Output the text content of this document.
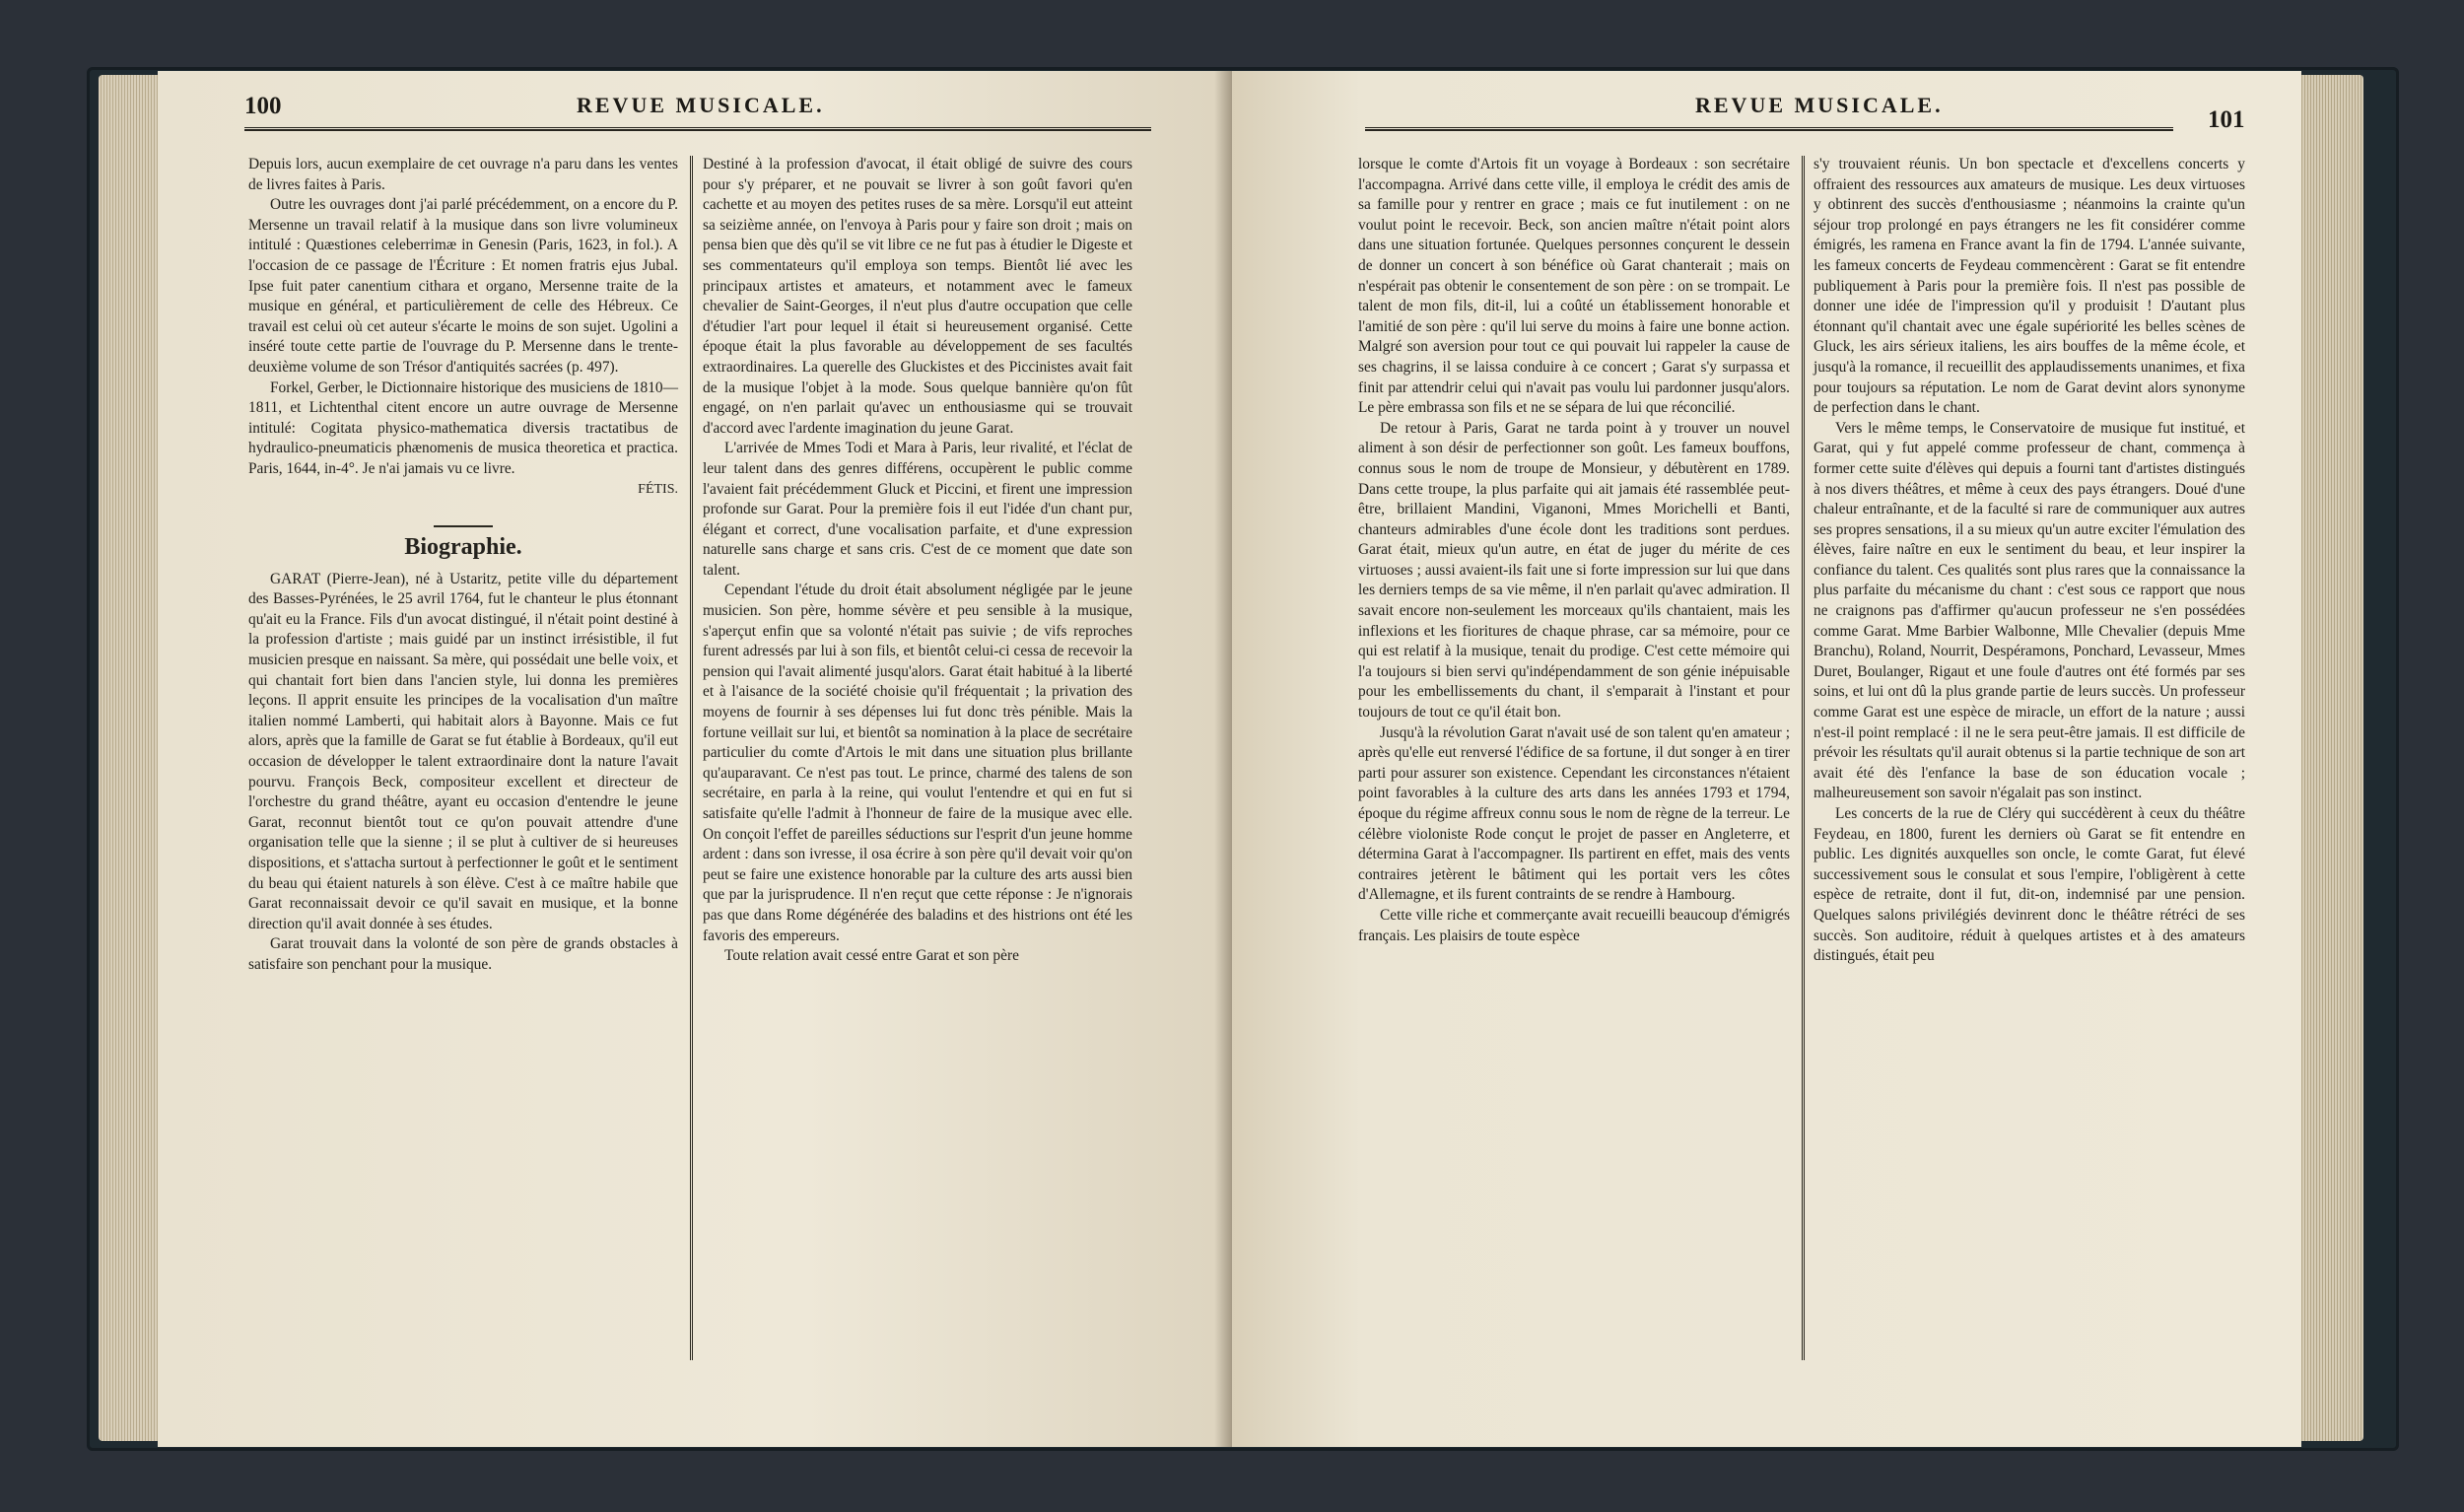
100	REVUE MUSICALE.

Depuis lors, aucun exemplaire de cet ouvrage n'a paru dans les ventes de livres faites à Paris.

Outre les ouvrages dont j'ai parlé précédemment, on a encore du P. Mersenne un travail relatif à la musique dans son livre volumineux intitulé : Quæstiones celeberrimæ in Genesin (Paris, 1623, in fol.). A l'occasion de ce passage de l'Écriture : Et nomen fratris ejus Jubal. Ipse fuit pater canentium cithara et organo, Mersenne traite de la musique en général, et particulièrement de celle des Hébreux. Ce travail est celui où cet auteur s'écarte le moins de son sujet. Ugolini a inséré toute cette partie de l'ouvrage du P. Mersenne dans le trente-deuxième volume de son Trésor d'antiquités sacrées (p. 497).

Forkel, Gerber, le Dictionnaire historique des musiciens de 1810—1811, et Lichtenthal citent encore un autre ouvrage de Mersenne intitulé: Cogitata physico-mathematica diversis tractatibus de hydraulico-pneumaticis phænomenis de musica theoretica et practica. Paris, 1644, in-4°. Je n'ai jamais vu ce livre.

FÉTIS.

Biographie.

GARAT (Pierre-Jean), né à Ustaritz, petite ville du département des Basses-Pyrénées, le 25 avril 1764, fut le chanteur le plus étonnant qu'ait eu la France. Fils d'un avocat distingué, il n'était point destiné à la profession d'artiste ; mais guidé par un instinct irrésistible, il fut musicien presque en naissant. Sa mère, qui possédait une belle voix, et qui chantait fort bien dans l'ancien style, lui donna les premières leçons. Il apprit ensuite les principes de la vocalisation d'un maître italien nommé Lamberti, qui habitait alors à Bayonne. Mais ce fut alors, après que la famille de Garat se fut établie à Bordeaux, qu'il eut occasion de développer le talent extraordinaire dont la nature l'avait pourvu. François Beck, compositeur excellent et directeur de l'orchestre du grand théâtre, ayant eu occasion d'entendre le jeune Garat, reconnut bientôt tout ce qu'on pouvait attendre d'une organisation telle que la sienne ; il se plut à cultiver de si heureuses dispositions, et s'attacha surtout à perfectionner le goût et le sentiment du beau qui étaient naturels à son élève. C'est à ce maître habile que Garat reconnaissait devoir ce qu'il savait en musique, et la bonne direction qu'il avait donnée à ses études.

Garat trouvait dans la volonté de son père de grands obstacles à satisfaire son penchant pour la musique.

Destiné à la profession d'avocat, il était obligé de suivre des cours pour s'y préparer, et ne pouvait se livrer à son goût favori qu'en cachette et au moyen des petites ruses de sa mère. Lorsqu'il eut atteint sa seizième année, on l'envoya à Paris pour y faire son droit ; mais on pensa bien que dès qu'il se vit libre ce ne fut pas à étudier le Digeste et ses commentateurs qu'il employa son temps. Bientôt lié avec les principaux artistes et amateurs, et notamment avec le fameux chevalier de Saint-Georges, il n'eut plus d'autre occupation que celle d'étudier l'art pour lequel il était si heureusement organisé. Cette époque était la plus favorable au développement de ses facultés extraordinaires. La querelle des Gluckistes et des Piccinistes avait fait de la musique l'objet à la mode. Sous quelque bannière qu'on fût engagé, on n'en parlait qu'avec un enthousiasme qui se trouvait d'accord avec l'ardente imagination du jeune Garat.

L'arrivée de Mmes Todi et Mara à Paris, leur rivalité, et l'éclat de leur talent dans des genres différens, occupèrent le public comme l'avaient fait précédemment Gluck et Piccini, et firent une impression profonde sur Garat. Pour la première fois il eut l'idée d'un chant pur, élégant et correct, d'une vocalisation parfaite, et d'une expression naturelle sans charge et sans cris. C'est de ce moment que date son talent.

Cependant l'étude du droit était absolument négligée par le jeune musicien. Son père, homme sévère et peu sensible à la musique, s'aperçut enfin que sa volonté n'était pas suivie ; de vifs reproches furent adressés par lui à son fils, et bientôt celui-ci cessa de recevoir la pension qui l'avait alimenté jusqu'alors. Garat était habitué à la liberté et à l'aisance de la société choisie qu'il fréquentait ; la privation des moyens de fournir à ses dépenses lui fut donc très pénible. Mais la fortune veillait sur lui, et bientôt sa nomination à la place de secrétaire particulier du comte d'Artois le mit dans une situation plus brillante qu'auparavant. Ce n'est pas tout. Le prince, charmé des talens de son secrétaire, en parla à la reine, qui voulut l'entendre et qui en fut si satisfaite qu'elle l'admit à l'honneur de faire de la musique avec elle. On conçoit l'effet de pareilles séductions sur l'esprit d'un jeune homme ardent : dans son ivresse, il osa écrire à son père qu'il devait voir qu'on peut se faire une existence honorable par la culture des arts aussi bien que par la jurisprudence. Il n'en reçut que cette réponse : Je n'ignorais pas que dans Rome dégénérée des baladins et des histrions ont été les favoris des empereurs.

Toute relation avait cessé entre Garat et son père

REVUE MUSICALE.
101

lorsque le comte d'Artois fit un voyage à Bordeaux : son secrétaire l'accompagna. Arrivé dans cette ville, il employa le crédit des amis de sa famille pour y rentrer en grace ; mais ce fut inutilement : on ne voulut point le recevoir. Beck, son ancien maître n'était point alors dans une situation fortunée. Quelques personnes conçurent le dessein de donner un concert à son bénéfice où Garat chanterait ; mais on n'espérait pas obtenir le consentement de son père : on se trompait. Le talent de mon fils, dit-il, lui a coûté un établissement honorable et l'amitié de son père : qu'il lui serve du moins à faire une bonne action. Malgré son aversion pour tout ce qui pouvait lui rappeler la cause de ses chagrins, il se laissa conduire à ce concert ; Garat s'y surpassa et finit par attendrir celui qui n'avait pas voulu lui pardonner jusqu'alors. Le père embrassa son fils et ne se sépara de lui que réconcilié.

De retour à Paris, Garat ne tarda point à y trouver un nouvel aliment à son désir de perfectionner son goût. Les fameux bouffons, connus sous le nom de troupe de Monsieur, y débutèrent en 1789. Dans cette troupe, la plus parfaite qui ait jamais été rassemblée peut-être, brillaient Mandini, Viganoni, Mmes Morichelli et Banti, chanteurs admirables d'une école dont les traditions sont perdues. Garat était, mieux qu'un autre, en état de juger du mérite de ces virtuoses ; aussi avaient-ils fait une si forte impression sur lui que dans les derniers temps de sa vie même, il n'en parlait qu'avec admiration. Il savait encore non-seulement les morceaux qu'ils chantaient, mais les inflexions et les fioritures de chaque phrase, car sa mémoire, pour ce qui est relatif à la musique, tenait du prodige. C'est cette mémoire qui l'a toujours si bien servi qu'indépendamment de son génie inépuisable pour les embellissements du chant, il s'emparait à l'instant et pour toujours de tout ce qu'il était bon.

Jusqu'à la révolution Garat n'avait usé de son talent qu'en amateur ; après qu'elle eut renversé l'édifice de sa fortune, il dut songer à en tirer parti pour assurer son existence. Cependant les circonstances n'étaient point favorables à la culture des arts dans les années 1793 et 1794, époque du régime affreux connu sous le nom de règne de la terreur. Le célèbre violoniste Rode conçut le projet de passer en Angleterre, et détermina Garat à l'accompagner. Ils partirent en effet, mais des vents contraires jetèrent le bâtiment qui les portait vers les côtes d'Allemagne, et ils furent contraints de se rendre à Hambourg.

Cette ville riche et commerçante avait recueilli beaucoup d'émigrés français. Les plaisirs de toute espèce

s'y trouvaient réunis. Un bon spectacle et d'excellens concerts y offraient des ressources aux amateurs de musique. Les deux virtuoses y obtinrent des succès d'enthousiasme ; néanmoins la crainte qu'un séjour trop prolongé en pays étrangers ne les fit considérer comme émigrés, les ramena en France avant la fin de 1794. L'année suivante, les fameux concerts de Feydeau commencèrent : Garat se fit entendre publiquement à Paris pour la première fois. Il n'est pas possible de donner une idée de l'impression qu'il y produisit ! D'autant plus étonnant qu'il chantait avec une égale supériorité les belles scènes de Gluck, les airs sérieux italiens, les airs bouffes de la même école, et jusqu'à la romance, il recueillit des applaudissements unanimes, et fixa pour toujours sa réputation. Le nom de Garat devint alors synonyme de perfection dans le chant.

Vers le même temps, le Conservatoire de musique fut institué, et Garat, qui y fut appelé comme professeur de chant, commença à former cette suite d'élèves qui depuis a fourni tant d'artistes distingués à nos divers théâtres, et même à ceux des pays étrangers. Doué d'une chaleur entraînante, et de la faculté si rare de communiquer aux autres ses propres sensations, il a su mieux qu'un autre exciter l'émulation des élèves, faire naître en eux le sentiment du beau, et leur inspirer la confiance du talent. Ces qualités sont plus rares que la connaissance la plus parfaite du mécanisme du chant : c'est sous ce rapport que nous ne craignons pas d'affirmer qu'aucun professeur ne s'en possédées comme Garat. Mme Barbier Walbonne, Mlle Chevalier (depuis Mme Branchu), Roland, Nourrit, Despéramons, Ponchard, Levasseur, Mmes Duret, Boulanger, Rigaut et une foule d'autres ont été formés par ses soins, et lui ont dû la plus grande partie de leurs succès. Un professeur comme Garat est une espèce de miracle, un effort de la nature ; aussi n'est-il point remplacé : il ne le sera peut-être jamais. Il est difficile de prévoir les résultats qu'il aurait obtenus si la partie technique de son art avait été dès l'enfance la base de son éducation vocale ; malheureusement son savoir n'égalait pas son instinct.

Les concerts de la rue de Cléry qui succédèrent à ceux du théâtre Feydeau, en 1800, furent les derniers où Garat se fit entendre en public. Les dignités auxquelles son oncle, le comte Garat, fut élevé successivement sous le consulat et sous l'empire, l'obligèrent à cette espèce de retraite, dont il fut, dit-on, indemnisé par une pension. Quelques salons privilégiés devinrent donc le théâtre rétréci de ses succès. Son auditoire, réduit à quelques artistes et à des amateurs distingués, était peu
